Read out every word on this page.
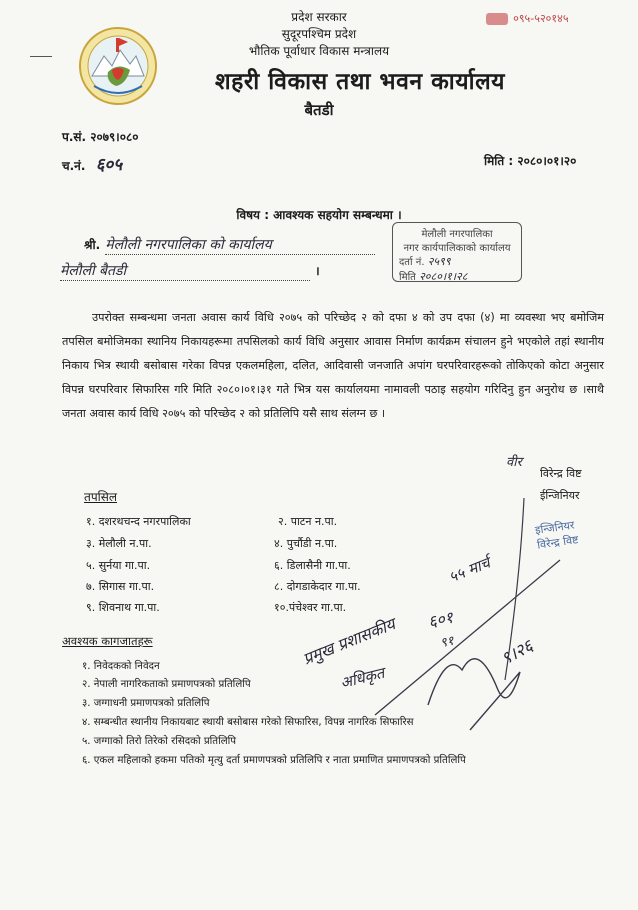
प्रदेश सरकार
सुदूरपश्चिम प्रदेश
भौतिक पूर्वाधार विकास मन्त्रालय
शहरी विकास तथा भवन कार्यालय
बैतडी
०९५-५२०१४५
प.सं. २०७९।०८०
च.नं. ६०५	मिति : २०८०।०१।२०
विषय : आवश्यक सहयोग सम्बन्धमा ।
श्री. मेलौली नगरपालिका को कार्यालय
मेलौली बैतडी	।
मेलौली नगरपालिका
नगर कार्यपालिकाको कार्यालय
दर्ता नं. २५९९
मिति २०८०।१।२८
उपरोक्त सम्बन्धमा जनता अवास कार्य विधि २०७५ को परिच्छेद २ को दफा ४ को उप दफा (४) मा व्यवस्था भए बमोजिम तपसिल बमोजिमका स्थानिय निकायहरूमा तपसिलको कार्य विधि अनुसार आवास निर्माण कार्यक्रम संचालन हुने भएकोले तहां स्थानीय निकाय भित्र स्थायी बसोबास गरेका विपन्न एकलमहिला, दलित, आदिवासी जनजाति अपांग घरपरिवारहरूको तोकिएको कोटा अनुसार विपन्न घरपरिवार सिफारिस गरि मिति २०८०।०१।३१ गते भित्र यस कार्यालयमा नामावली पठाइ सहयोग गरिदिनु हुन अनुरोध छ ।साथै जनता अवास कार्य विधि २०७५ को परिच्छेद २ को प्रतिलिपि यसै साथ संलग्न छ ।
वीर
विरेन्द्र विष्ट
ईन्जिनियर
इन्जिनियर
विरेन्द्र विष्ट
तपसिल
१. दशरथचन्द नगरपालिका	२. पाटन न.पा.
३. मेलौली न.पा.	४. पुर्चौडी न.पा.
५. सुर्नया गा.पा.	६. डिलासैनी गा.पा.
७. सिगास गा.पा.	८. दोगडाकेदार गा.पा.
९. शिवनाथ गा.पा.	१०.पंचेश्वर गा.पा.
५५ मार्च
प्रमुख प्रशासकीय
अधिकृत
६०१
९१	९।२६
अवश्यक कागजातहरू
१. निवेदकको निवेदन
२. नेपाली नागरिकताको प्रमाणपत्रको प्रतिलिपि
३. जग्गाधनी प्रमाणपत्रको प्रतिलिपि
४. सम्बन्धीत स्थानीय निकायबाट स्थायी बसोबास गरेको सिफारिस, विपन्न नागरिक सिफारिस
५. जग्गाको तिरो तिरेको रसिदको प्रतिलिपि
६. एकल महिलाको हकमा पतिको मृत्यु दर्ता प्रमाणपत्रको प्रतिलिपि र नाता प्रमाणित प्रमाणपत्रको प्रतिलिपि
